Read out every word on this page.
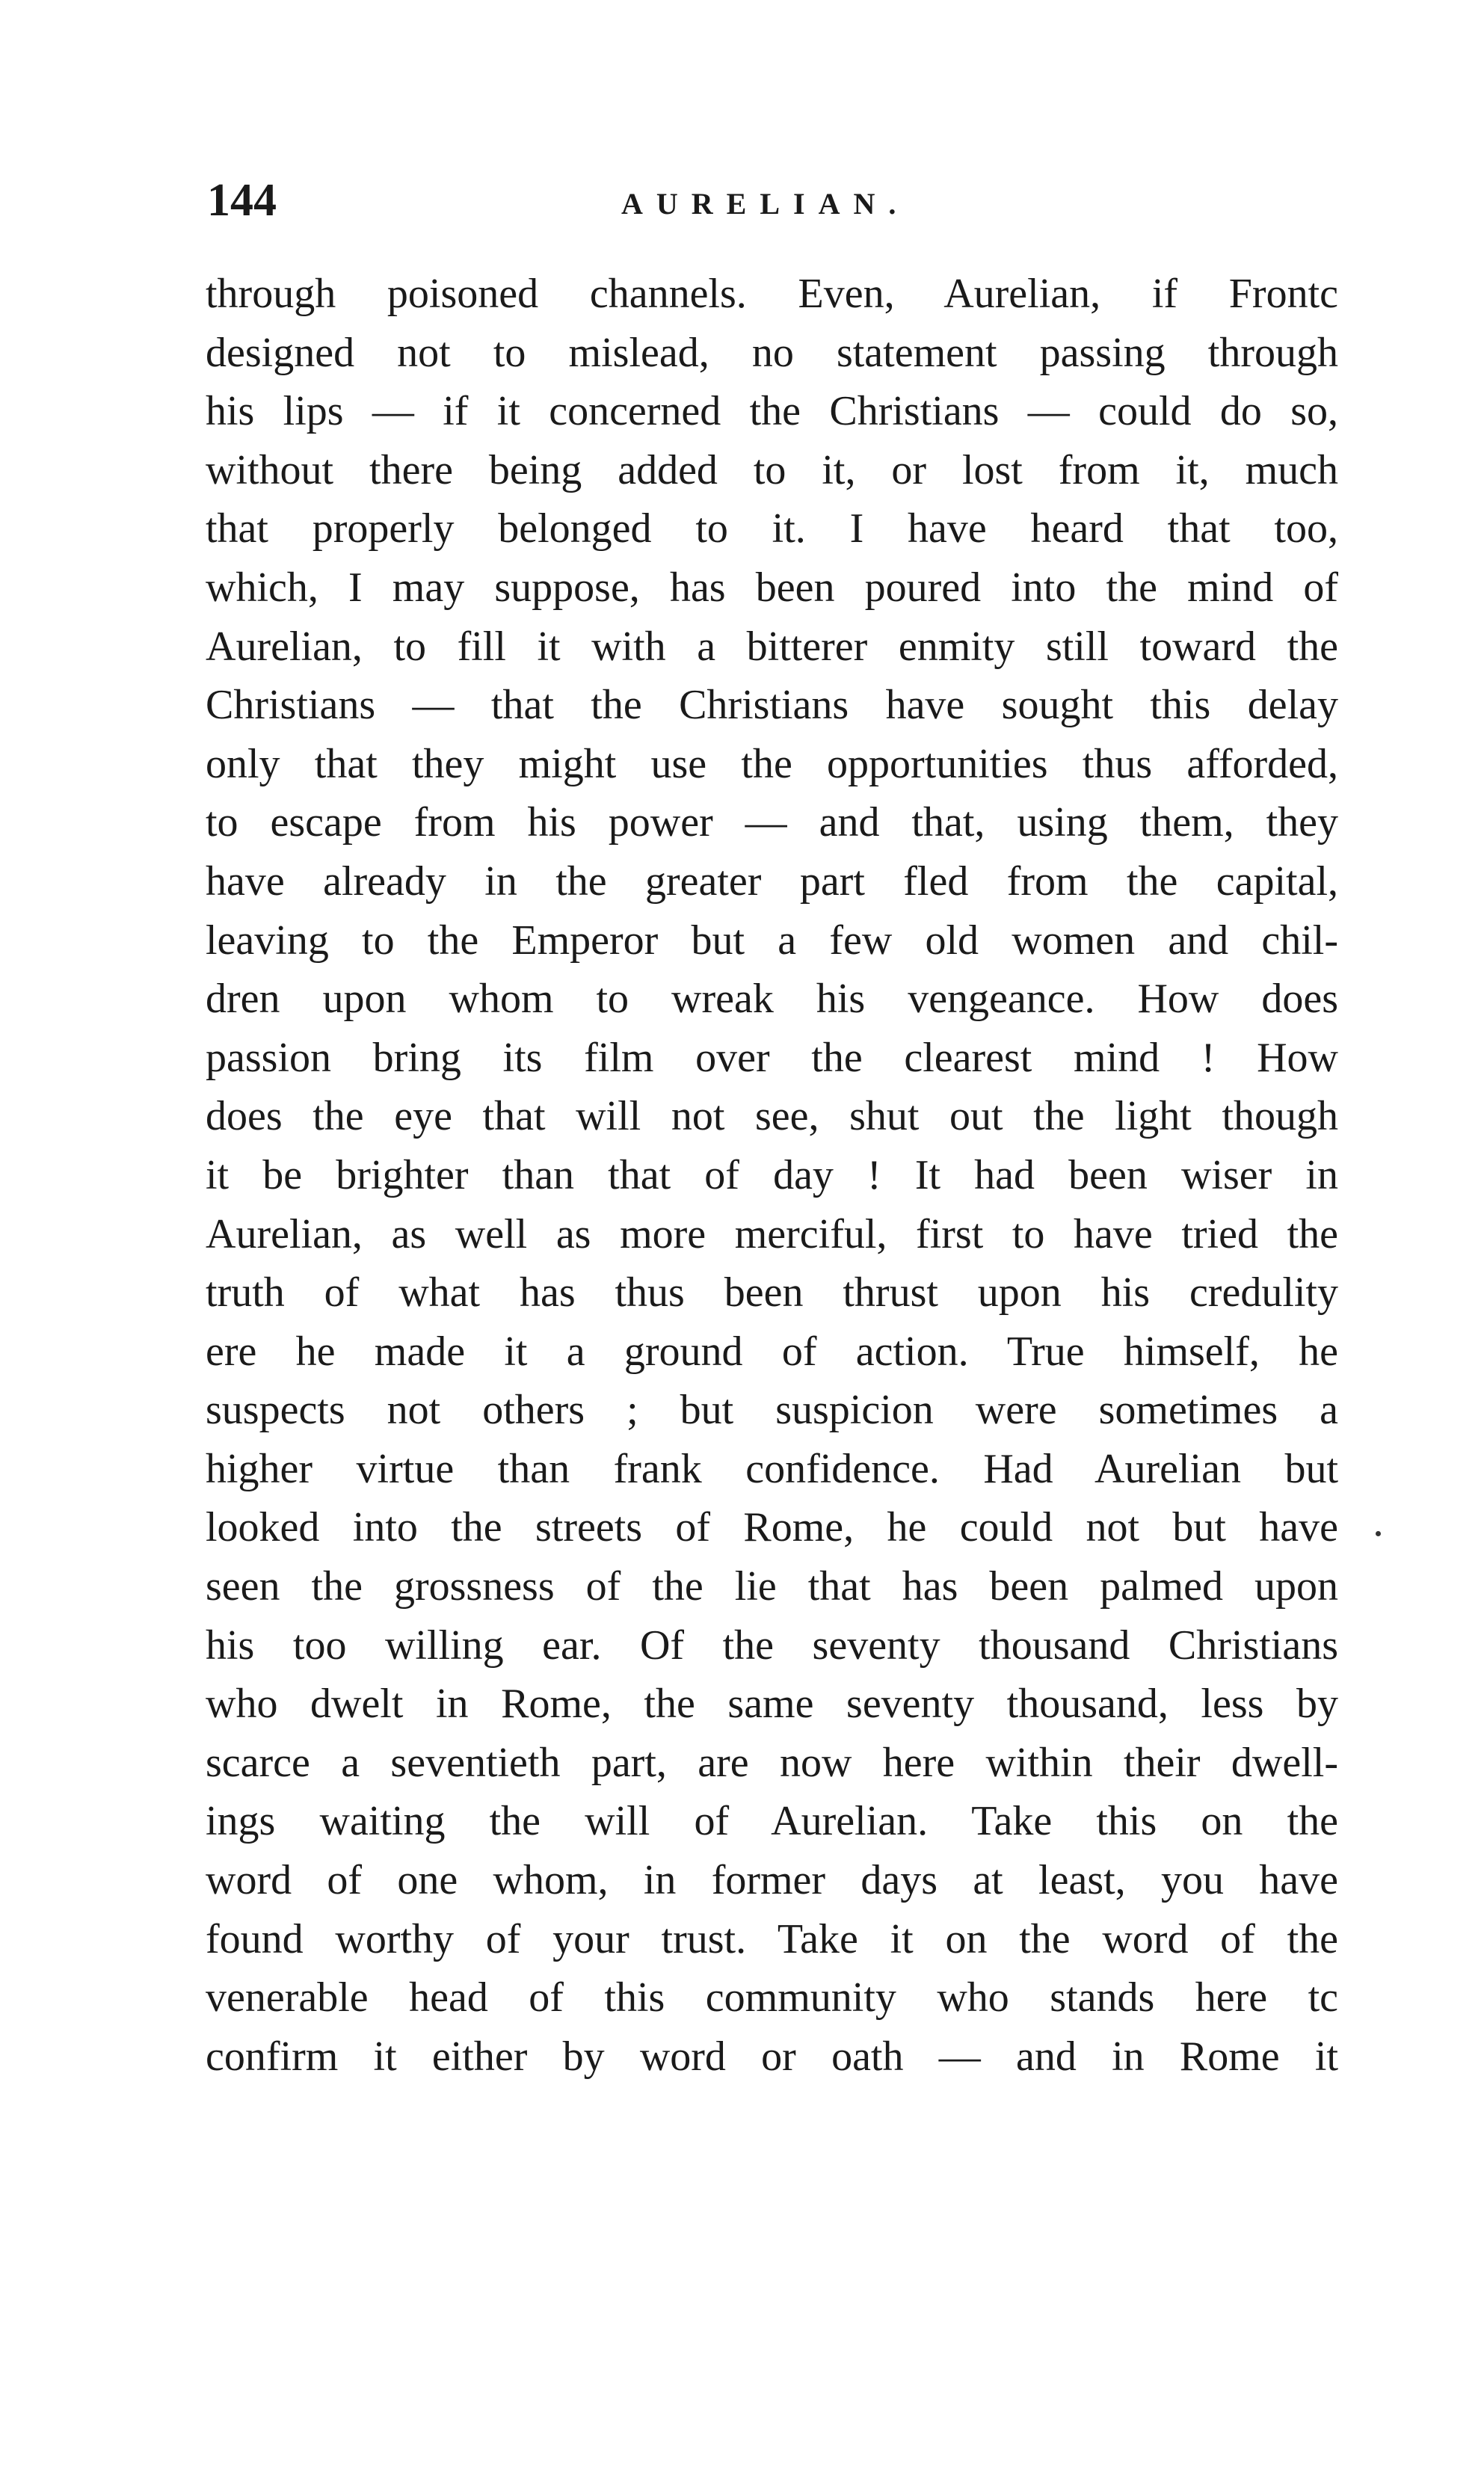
144	AURELIAN.
through poisoned channels. Even, Aurelian, if Frontc
designed not to mislead, no statement passing through
his lips — if it concerned the Christians — could do so,
without there being added to it, or lost from it, much
that properly belonged to it. I have heard that too,
which, I may suppose, has been poured into the mind of
Aurelian, to fill it with a bitterer enmity still toward the
Christians — that the Christians have sought this delay
only that they might use the opportunities thus afforded,
to escape from his power — and that, using them, they
have already in the greater part fled from the capital,
leaving to the Emperor but a few old women and chil-
dren upon whom to wreak his vengeance. How does
passion bring its film over the clearest mind ! How
does the eye that will not see, shut out the light though
it be brighter than that of day ! It had been wiser in
Aurelian, as well as more merciful, first to have tried the
truth of what has thus been thrust upon his credulity
ere he made it a ground of action. True himself, he
suspects not others ; but suspicion were sometimes a
higher virtue than frank confidence. Had Aurelian but
looked into the streets of Rome, he could not but have
seen the grossness of the lie that has been palmed upon
his too willing ear. Of the seventy thousand Christians
who dwelt in Rome, the same seventy thousand, less by
scarce a seventieth part, are now here within their dwell-
ings waiting the will of Aurelian. Take this on the
word of one whom, in former days at least, you have
found worthy of your trust. Take it on the word of the
venerable head of this community who stands here tc
confirm it either by word or oath — and in Rome it
